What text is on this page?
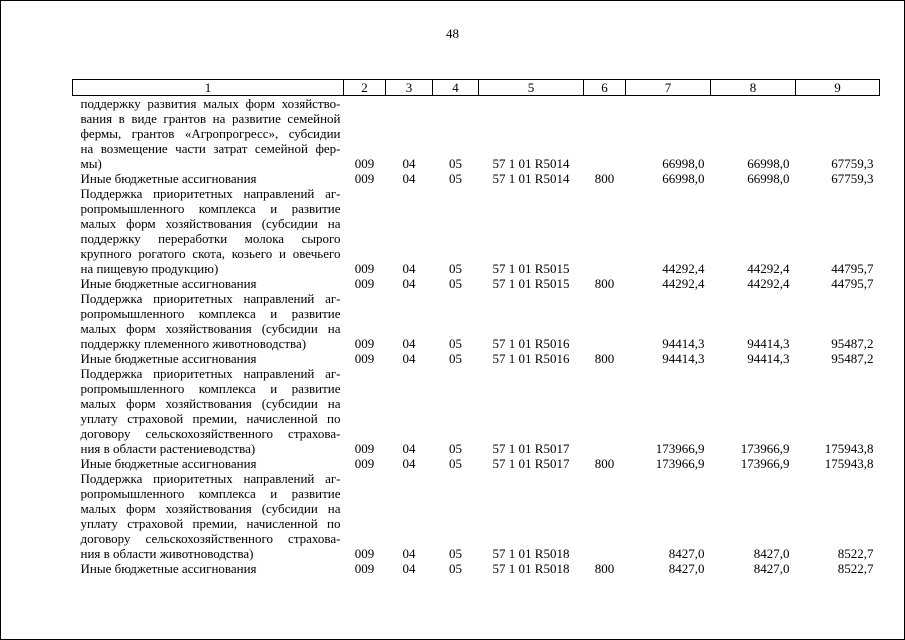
48
1	2	3	4	5	6	7	8	9

поддержку развития малых форм хозяйство-
вания в виде грантов на развитие семейной
фермы, грантов «Агропрогресс», субсидии
на возмещение части затрат семейной фер-
мы)	009	04	05	57 1 01 R5014		66998,0	66998,0	67759,3

Иные бюджетные ассигнования	009	04	05	57 1 01 R5014	800	66998,0	66998,0	67759,3

Поддержка приоритетных направлений аг-
ропромышленного комплекса и развитие
малых форм хозяйствования (субсидии на
поддержку переработки молока сырого
крупного рогатого скота, козьего и овечьего
на пищевую продукцию)	009	04	05	57 1 01 R5015		44292,4	44292,4	44795,7

Иные бюджетные ассигнования	009	04	05	57 1 01 R5015	800	44292,4	44292,4	44795,7

Поддержка приоритетных направлений аг-
ропромышленного комплекса и развитие
малых форм хозяйствования (субсидии на
поддержку племенного животноводства)	009	04	05	57 1 01 R5016		94414,3	94414,3	95487,2

Иные бюджетные ассигнования	009	04	05	57 1 01 R5016	800	94414,3	94414,3	95487,2

Поддержка приоритетных направлений аг-
ропромышленного комплекса и развитие
малых форм хозяйствования (субсидии на
уплату страховой премии, начисленной по
договору сельскохозяйственного страхова-
ния в области растениеводства)	009	04	05	57 1 01 R5017		173966,9	173966,9	175943,8

Иные бюджетные ассигнования	009	04	05	57 1 01 R5017	800	173966,9	173966,9	175943,8

Поддержка приоритетных направлений аг-
ропромышленного комплекса и развитие
малых форм хозяйствования (субсидии на
уплату страховой премии, начисленной по
договору сельскохозяйственного страхова-
ния в области животноводства)	009	04	05	57 1 01 R5018		8427,0	8427,0	8522,7

Иные бюджетные ассигнования	009	04	05	57 1 01 R5018	800	8427,0	8427,0	8522,7
